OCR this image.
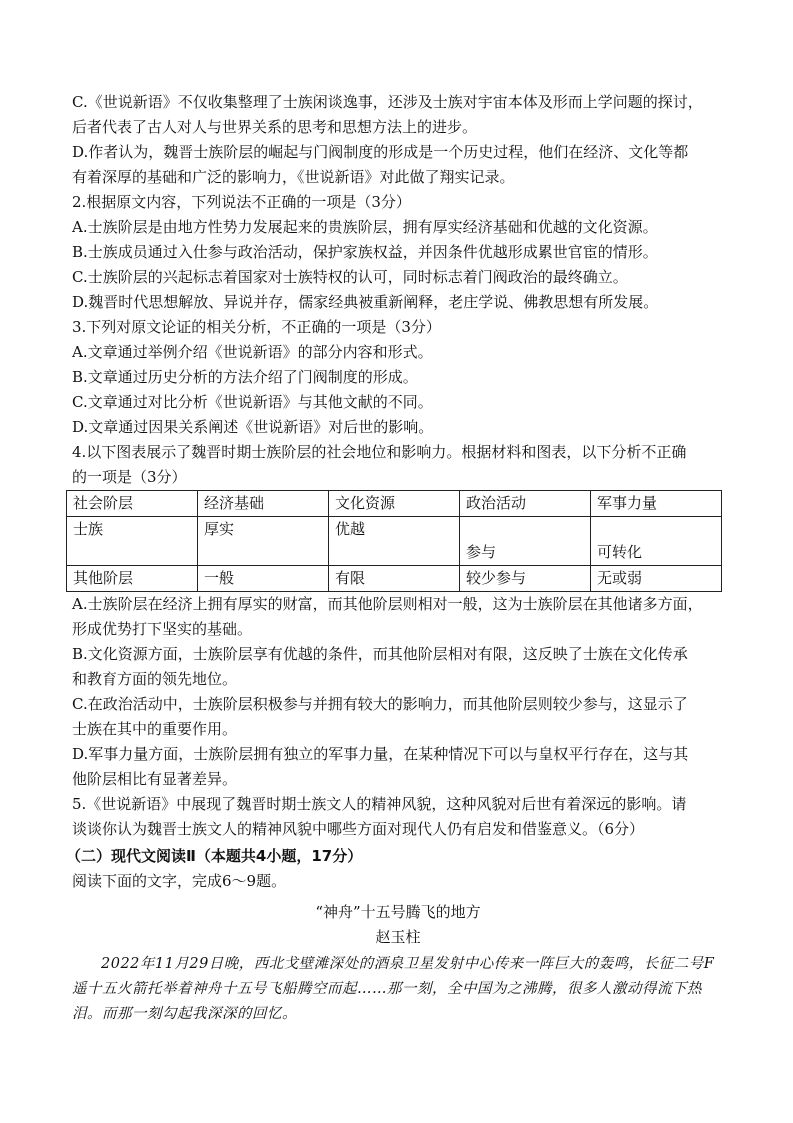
C.《世说新语》不仅收集整理了士族闲谈逸事，还涉及士族对宇宙本体及形而上学问题的探讨，

后者代表了古人对人与世界关系的思考和思想方法上的进步。

D.作者认为，魏晋士族阶层的崛起与门阀制度的形成是一个历史过程，他们在经济、文化等都

有着深厚的基础和广泛的影响力，《世说新语》对此做了翔实记录。

2.根据原文内容，下列说法不正确的一项是（3分）

A.士族阶层是由地方性势力发展起来的贵族阶层，拥有厚实经济基础和优越的文化资源。

B.士族成员通过入仕参与政治活动，保护家族权益，并因条件优越形成累世官宦的情形。

C.士族阶层的兴起标志着国家对士族特权的认可，同时标志着门阀政治的最终确立。

D.魏晋时代思想解放、异说并存，儒家经典被重新阐释，老庄学说、佛教思想有所发展。

3.下列对原文论证的相关分析，不正确的一项是（3分）

A.文章通过举例介绍《世说新语》的部分内容和形式。

B.文章通过历史分析的方法介绍了门阀制度的形成。

C.文章通过对比分析《世说新语》与其他文献的不同。

D.文章通过因果关系阐述《世说新语》对后世的影响。

4.以下图表展示了魏晋时期士族阶层的社会地位和影响力。根据材料和图表，以下分析不正确

的一项是（3分）

社会阶层	经济基础	文化资源	政治活动	军事力量
士族	厚实	优越	参与	可转化
其他阶层	一般	有限	较少参与	无或弱

A.士族阶层在经济上拥有厚实的财富，而其他阶层则相对一般，这为士族阶层在其他诸多方面，

形成优势打下坚实的基础。

B.文化资源方面，士族阶层享有优越的条件，而其他阶层相对有限，这反映了士族在文化传承

和教育方面的领先地位。

C.在政治活动中，士族阶层积极参与并拥有较大的影响力，而其他阶层则较少参与，这显示了

士族在其中的重要作用。

D.军事力量方面，士族阶层拥有独立的军事力量，在某种情况下可以与皇权平行存在，这与其

他阶层相比有显著差异。

5.《世说新语》中展现了魏晋时期士族文人的精神风貌，这种风貌对后世有着深远的影响。请

谈谈你认为魏晋士族文人的精神风貌中哪些方面对现代人仍有启发和借鉴意义。（6分）

（二）现代文阅读Ⅱ（本题共4小题，17分）

阅读下面的文字，完成6～9题。

“神舟”十五号腾飞的地方
赵玉柱

2022年11月29日晚，西北戈壁滩深处的酒泉卫星发射中心传来一阵巨大的轰鸣，长征二号F遥十五火箭托举着神舟十五号飞船腾空而起……那一刻，全中国为之沸腾，很多人激动得流下热泪。而那一刻勾起我深深的回忆。
